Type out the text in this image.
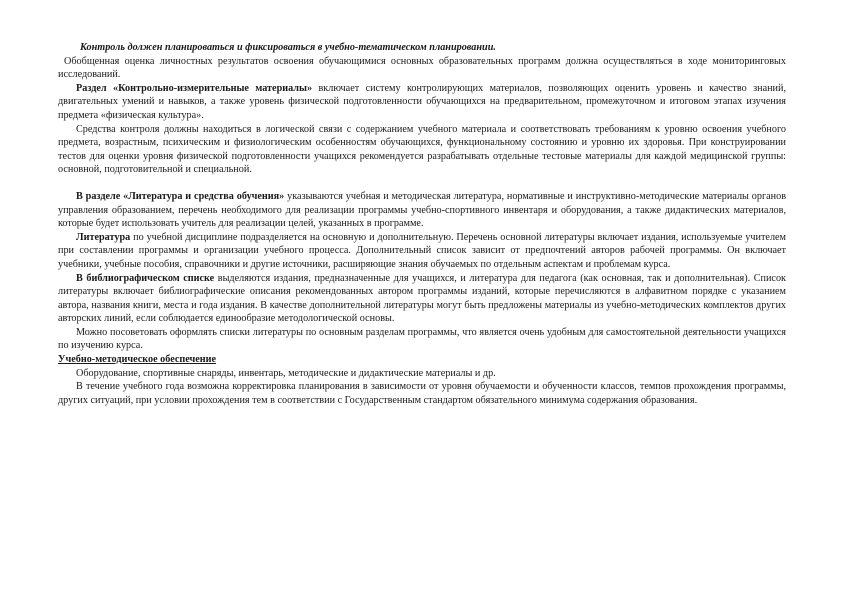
Контроль должен планироваться и фиксироваться в учебно-тематическом планировании.

Обобщенная оценка личностных результатов освоения обучающимися основных образовательных программ должна осуществляться в ходе мониторинговых исследований.

Раздел «Контрольно-измерительные материалы» включает систему контролирующих материалов, позволяющих оценить уровень и качество знаний, двигательных умений и навыков, а также уровень физической подготовленности обучающихся на предварительном, промежуточном и итоговом этапах изучения предмета «физическая культура».

Средства контроля должны находиться в логической связи с содержанием учебного материала и соответствовать требованиям к уровню освоения учебного предмета, возрастным, психическим и физиологическим особенностям обучающихся, функциональному состоянию и уровню их здоровья. При конструировании тестов для оценки уровня физической подготовленности учащихся рекомендуется разрабатывать отдельные тестовые материалы для каждой медицинской группы: основной, подготовительной и специальной.

В разделе «Литература и средства обучения» указываются учебная и методическая литература, нормативные и инструктивно-методические материалы органов управления образованием, перечень необходимого для реализации программы учебно-спортивного инвентаря и оборудования, а также дидактических материалов, которые будет использовать учитель для реализации целей, указанных в программе.

Литература по учебной дисциплине подразделяется на основную и дополнительную. Перечень основной литературы включает издания, используемые учителем при составлении программы и организации учебного процесса. Дополнительный список зависит от предпочтений авторов рабочей программы. Он включает учебники, учебные пособия, справочники и другие источники, расширяющие знания обучаемых по отдельным аспектам и проблемам курса.

В библиографическом списке выделяются издания, предназначенные для учащихся, и литература для педагога (как основная, так и дополнительная). Список литературы включает библиографические описания рекомендованных автором программы изданий, которые перечисляются в алфавитном порядке с указанием автора, названия книги, места и года издания. В качестве дополнительной литературы могут быть предложены материалы из учебно-методических комплектов других авторских линий, если соблюдается единообразие методологической основы.

Можно посоветовать оформлять списки литературы по основным разделам программы, что является очень удобным для самостоятельной деятельности учащихся по изучению курса.

Учебно-методическое обеспечение

Оборудование, спортивные снаряды, инвентарь, методические и дидактические материалы и др.

В течение учебного года возможна корректировка планирования в зависимости от уровня обучаемости и обученности классов, темпов прохождения программы, других ситуаций, при условии прохождения тем в соответствии с Государственным стандартом обязательного минимума содержания образования.
